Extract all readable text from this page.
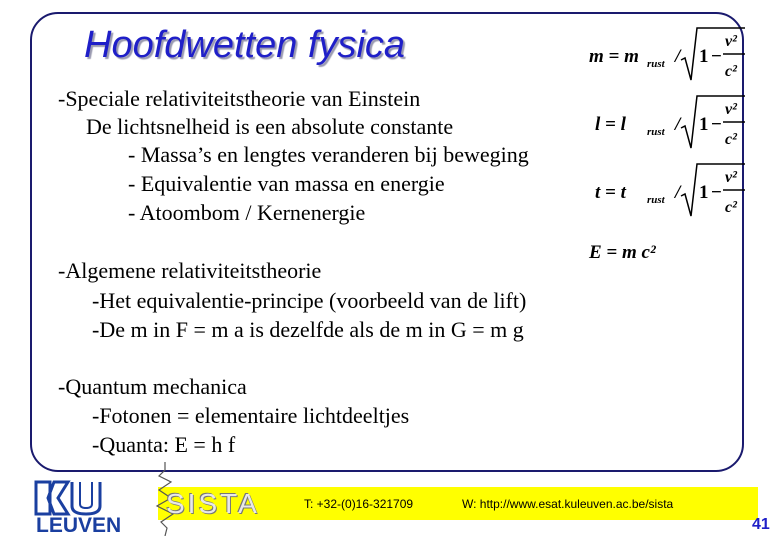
Hoofdwetten fysica
-Speciale relativiteitstheorie van Einstein
De lichtsnelheid is een absolute constante
- Massa’s en lengtes veranderen bij beweging
- Equivalentie van massa en energie
- Atoombom / Kernenergie
-Algemene relativiteitstheorie
-Het equivalentie-principe (voorbeeld van de lift)
-De m in F = m a is dezelfde als de m in G = m g
-Quantum mechanica
-Fotonen = elementaire lichtdeeltjes
-Quanta: E = h f
m = m rust / 1 −
v²
c²
l = l rust / 1 −
v²
c²
t = t rust / 1 −
v²
c²
E = m c²
LEUVEN
SISTA	T: +32-(0)16-321709	W: http://www.esat.kuleuven.ac.be/sista
41
